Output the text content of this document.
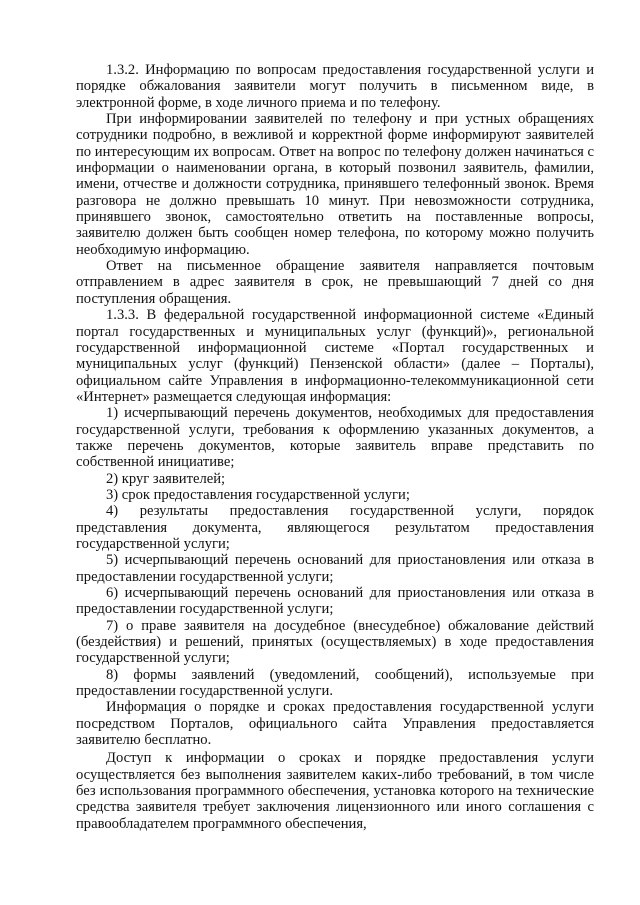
1.3.2. Информацию по вопросам предоставления государственной услуги и порядке обжалования заявители могут получить в письменном виде, в электронной форме, в ходе личного приема и по телефону.

При информировании заявителей по телефону и при устных обращениях сотрудники подробно, в вежливой и корректной форме информируют заявителей по интересующим их вопросам. Ответ на вопрос по телефону должен начинаться с информации о наименовании органа, в который позвонил заявитель, фамилии, имени, отчестве и должности сотрудника, принявшего телефонный звонок. Время разговора не должно превышать 10 минут. При невозможности сотрудника, принявшего звонок, самостоятельно ответить на поставленные вопросы, заявителю должен быть сообщен номер телефона, по которому можно получить необходимую информацию.

Ответ на письменное обращение заявителя направляется почтовым отправлением в адрес заявителя в срок, не превышающий 7 дней со дня поступления обращения.

1.3.3. В федеральной государственной информационной системе «Единый портал государственных и муниципальных услуг (функций)», региональной государственной информационной системе «Портал государственных и муниципальных услуг (функций) Пензенской области» (далее – Порталы), официальном сайте Управления в информационно-телекоммуникационной сети «Интернет» размещается следующая информация:

1) исчерпывающий перечень документов, необходимых для предоставления государственной услуги, требования к оформлению указанных документов, а также перечень документов, которые заявитель вправе представить по собственной инициативе;

2) круг заявителей;

3) срок предоставления государственной услуги;

4) результаты предоставления государственной услуги, порядок представления документа, являющегося результатом предоставления государственной услуги;

5) исчерпывающий перечень оснований для приостановления или отказа в предоставлении государственной услуги;

6) исчерпывающий перечень оснований для приостановления или отказа в предоставлении государственной услуги;

7) о праве заявителя на досудебное (внесудебное) обжалование действий (бездействия) и решений, принятых (осуществляемых) в ходе предоставления государственной услуги;

8) формы заявлений (уведомлений, сообщений), используемые при предоставлении государственной услуги.

Информация о порядке и сроках предоставления государственной услуги посредством Порталов, официального сайта Управления предоставляется заявителю бесплатно.

Доступ к информации о сроках и порядке предоставления услуги осуществляется без выполнения заявителем каких-либо требований, в том числе без использования программного обеспечения, установка которого на технические средства заявителя требует заключения лицензионного или иного соглашения с правообладателем программного обеспечения,
